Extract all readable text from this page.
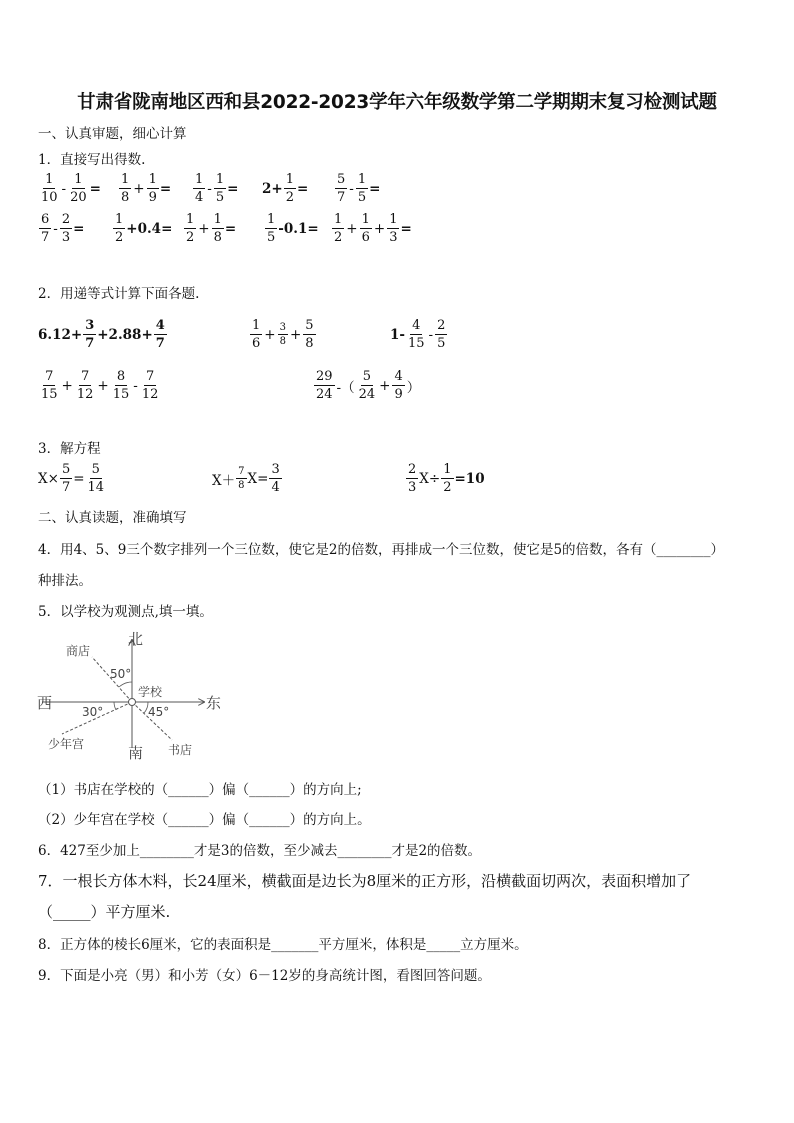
甘肃省陇南地区西和县2022-2023学年六年级数学第二学期期末复习检测试题
一、认真审题，细心计算
1．直接写出得数.
$\frac{1}{10} - \frac{1}{20} = \frac{1}{8} + \frac{1}{9} = \frac{1}{4} - \frac{1}{5} = 2+ \frac{1}{2} = \frac{5}{7} - \frac{1}{5}$ =
$\frac{6}{7} - \frac{2}{3} = \frac{1}{2} +0.4= \frac{1}{2} + \frac{1}{8} = \frac{1}{5} -0.1= \frac{1}{2} + \frac{1}{6} + \frac{1}{3}$ =
2．用递等式计算下面各题.
$6.12+ \frac{3}{7} +2.88+ \frac{4}{7}$	$\frac{1}{6} + \frac{3}{8} + \frac{5}{8}$	$1- \frac{4}{15} - \frac{2}{5}$
$\frac{7}{15} + \frac{7}{12} + \frac{8}{15} - \frac{7}{12}$	$\frac{29}{24}$ -（ $\frac{5}{24} + \frac{4}{9}$ ）
3．解方程
$X\times \frac{5}{7} = \frac{5}{14}$	$X+ \frac{7}{8} X= \frac{3}{4}$	$\frac{2}{3} X\div \frac{1}{2} =10$
二、认真读题，准确填写
4．用4、5、9三个数字排列一个三位数，使它是2的倍数，再排成一个三位数，使它是5的倍数，各有（________）
种排法。
5．以学校为观测点,填一填。
北
南
东
西
学校
商店
少年宫	书店
50°
30°	45°
（1）书店在学校的（______）偏（______）的方向上;
（2）少年宫在学校（______）偏（______）的方向上。
6．427至少加上________才是3的倍数，至少减去________才是2的倍数。
7．一根长方体木料，长24厘米，横截面是边长为8厘米的正方形，沿横截面切两次，表面积增加了
（_____）平方厘米.
8．正方体的棱长6厘米，它的表面积是_______平方厘米，体积是_____立方厘米。
9．下面是小亮（男）和小芳（女）6－12岁的身高统计图，看图回答问题。
